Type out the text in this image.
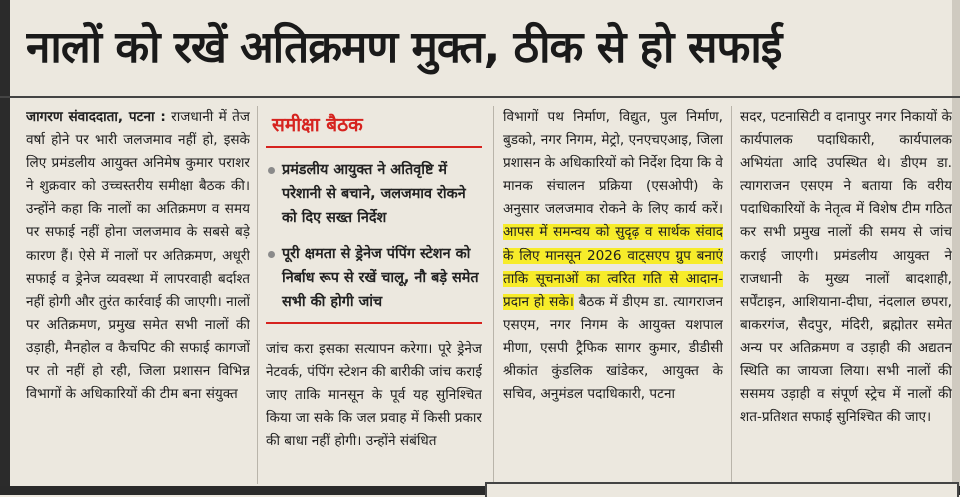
नालों को रखें अतिक्रमण मुक्त, ठीक से हो सफाई
जागरण संवाददाता, पटना : राजधानी में तेज वर्षा होने पर भारी जलजमाव नहीं हो, इसके लिए प्रमंडलीय आयुक्त अनिमेष कुमार पराशर ने शुक्रवार को उच्चस्तरीय समीक्षा बैठक की। उन्होंने कहा कि नालों का अतिक्रमण व समय पर सफाई नहीं होना जलजमाव के सबसे बड़े कारण हैं। ऐसे में नालों पर अतिक्रमण, अधूरी सफाई व ड्रेनेज व्यवस्था में लापरवाही बर्दाश्त नहीं होगी और तुरंत कार्रवाई की जाएगी। नालों पर अतिक्रमण, प्रमुख समेत सभी नालों की उड़ाही, मैनहोल व कैचपिट की सफाई कागजों पर तो नहीं हो रही, जिला प्रशासन विभिन्न विभागों के अधिकारियों की टीम बना संयुक्त
समीक्षा बैठक
प्रमंडलीय आयुक्त ने अतिवृष्टि में परेशानी से बचाने, जलजमाव रोकने को दिए सख्त निर्देश
पूरी क्षमता से ड्रेनेज पंपिंग स्टेशन को निर्बाध रूप से रखें चालू, नौ बड़े समेत सभी की होगी जांच
जांच करा इसका सत्यापन करेगा। पूरे ड्रेनेज नेटवर्क, पंपिंग स्टेशन की बारीकी जांच कराई जाए ताकि मानसून के पूर्व यह सुनिश्चित किया जा सके कि जल प्रवाह में किसी प्रकार की बाधा नहीं होगी। उन्होंने संबंधित
विभागों पथ निर्माण, विद्युत, पुल निर्माण, बुडको, नगर निगम, मेट्रो, एनएचएआइ, जिला प्रशासन के अधिकारियों को निर्देश दिया कि वे मानक संचालन प्रक्रिया (एसओपी) के अनुसार जलजमाव रोकने के लिए कार्य करें। आपस में समन्वय को सुदृढ़ व सार्थक संवाद के लिए मानसून 2026 वाट्सएप ग्रुप बनाएं ताकि सूचनाओं का त्वरित गति से आदान-प्रदान हो सके। बैठक में डीएम डा. त्यागराजन एसएम, नगर निगम के आयुक्त यशपाल मीणा, एसपी ट्रैफिक सागर कुमार, डीडीसी श्रीकांत कुंडलिक खांडेकर, आयुक्त के सचिव, अनुमंडल पदाधिकारी, पटना
सदर, पटनासिटी व दानापुर नगर निकायों के कार्यपालक पदाधिकारी, कार्यपालक अभियंता आदि उपस्थित थे। डीएम डा. त्यागराजन एसएम ने बताया कि वरीय पदाधिकारियों के नेतृत्व में विशेष टीम गठित कर सभी प्रमुख नालों की समय से जांच कराई जाएगी। प्रमंडलीय आयुक्त ने राजधानी के मुख्य नालों बादशाही, सर्पेंटाइन, आशियाना-दीघा, नंदलाल छपरा, बाकरगंज, सैदपुर, मंदिरी, ब्रह्मोतर समेत अन्य पर अतिक्रमण व उड़ाही की अद्यतन स्थिति का जायजा लिया। सभी नालों की ससमय उड़ाही व संपूर्ण स्ट्रेच में नालों की शत-प्रतिशत सफाई सुनिश्चित की जाए।
